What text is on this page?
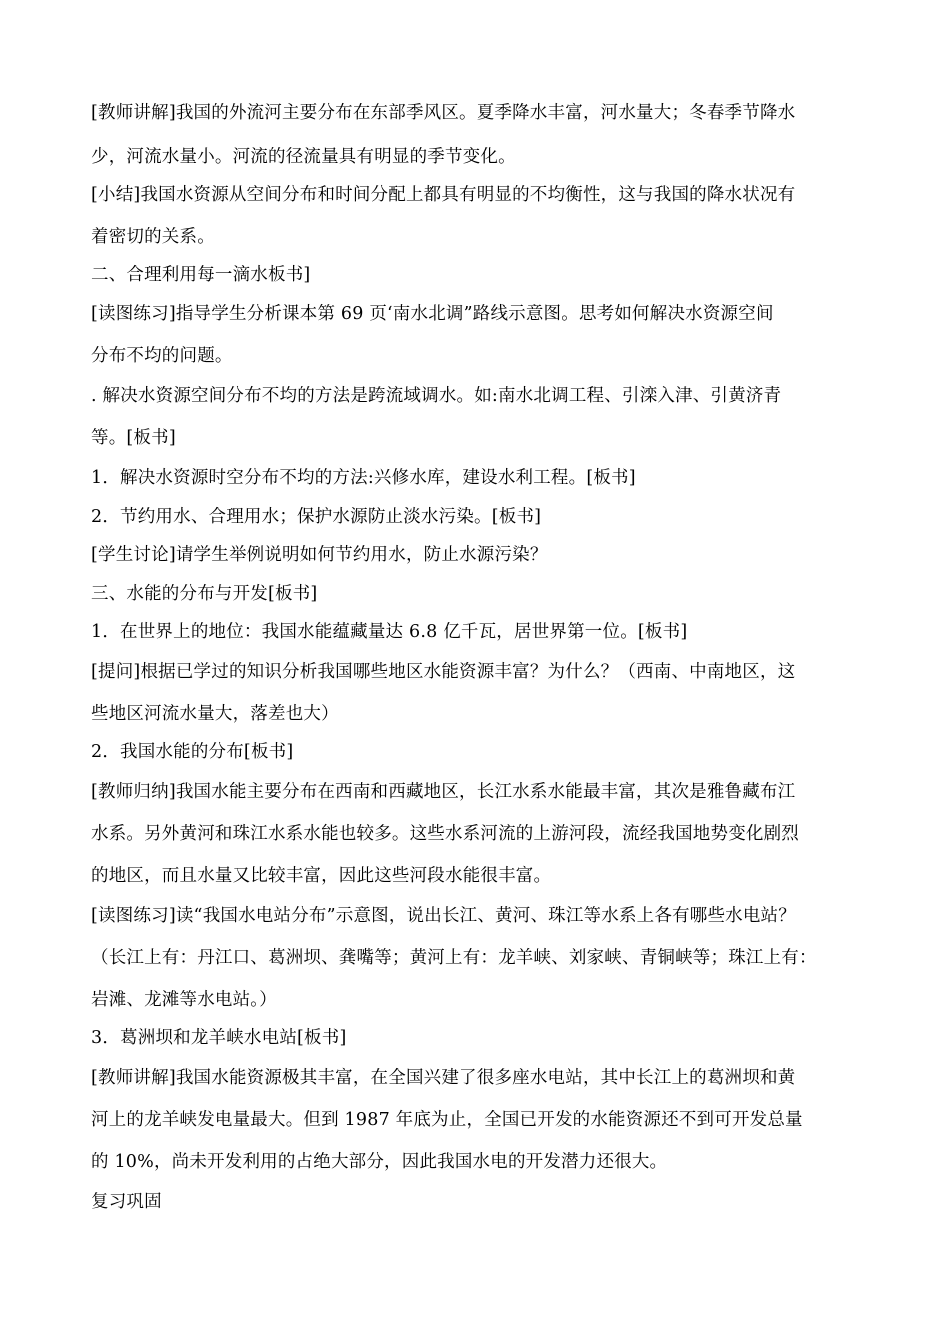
[教师讲解]我国的外流河主要分布在东部季风区。夏季降水丰富，河水量大；冬春季节降水
少，河流水量小。河流的径流量具有明显的季节变化。
[小结]我国水资源从空间分布和时间分配上都具有明显的不均衡性，这与我国的降水状况有
着密切的关系。
二、合理利用每一滴水板书]
[读图练习]指导学生分析课本第 69 页‘南水北调”路线示意图。思考如何解决水资源空间
分布不均的问题。
. 解决水资源空间分布不均的方法是跨流域调水。如:南水北调工程、引滦入津、引黄济青
等。[板书]
1．解决水资源时空分布不均的方法:兴修水库，建设水利工程。[板书]
2．节约用水、合理用水；保护水源防止淡水污染。[板书]
[学生讨论]请学生举例说明如何节约用水，防止水源污染？
三、水能的分布与开发[板书]
1．在世界上的地位：我国水能蕴藏量达 6.8 亿千瓦，居世界第一位。[板书]
[提问]根据已学过的知识分析我国哪些地区水能资源丰富？为什么？（西南、中南地区，这
些地区河流水量大，落差也大）
2．我国水能的分布[板书]
[教师归纳]我国水能主要分布在西南和西藏地区，长江水系水能最丰富，其次是雅鲁藏布江
水系。另外黄河和珠江水系水能也较多。这些水系河流的上游河段，流经我国地势变化剧烈
的地区，而且水量又比较丰富，因此这些河段水能很丰富。
[读图练习]读“我国水电站分布”示意图，说出长江、黄河、珠江等水系上各有哪些水电站？
（长江上有：丹江口、葛洲坝、龚嘴等；黄河上有：龙羊峡、刘家峡、青铜峡等；珠江上有：
岩滩、龙滩等水电站。）
3．葛洲坝和龙羊峡水电站[板书]
[教师讲解]我国水能资源极其丰富，在全国兴建了很多座水电站，其中长江上的葛洲坝和黄
河上的龙羊峡发电量最大。但到 1987 年底为止，全国已开发的水能资源还不到可开发总量
的 10%，尚未开发利用的占绝大部分，因此我国水电的开发潜力还很大。
复习巩固
